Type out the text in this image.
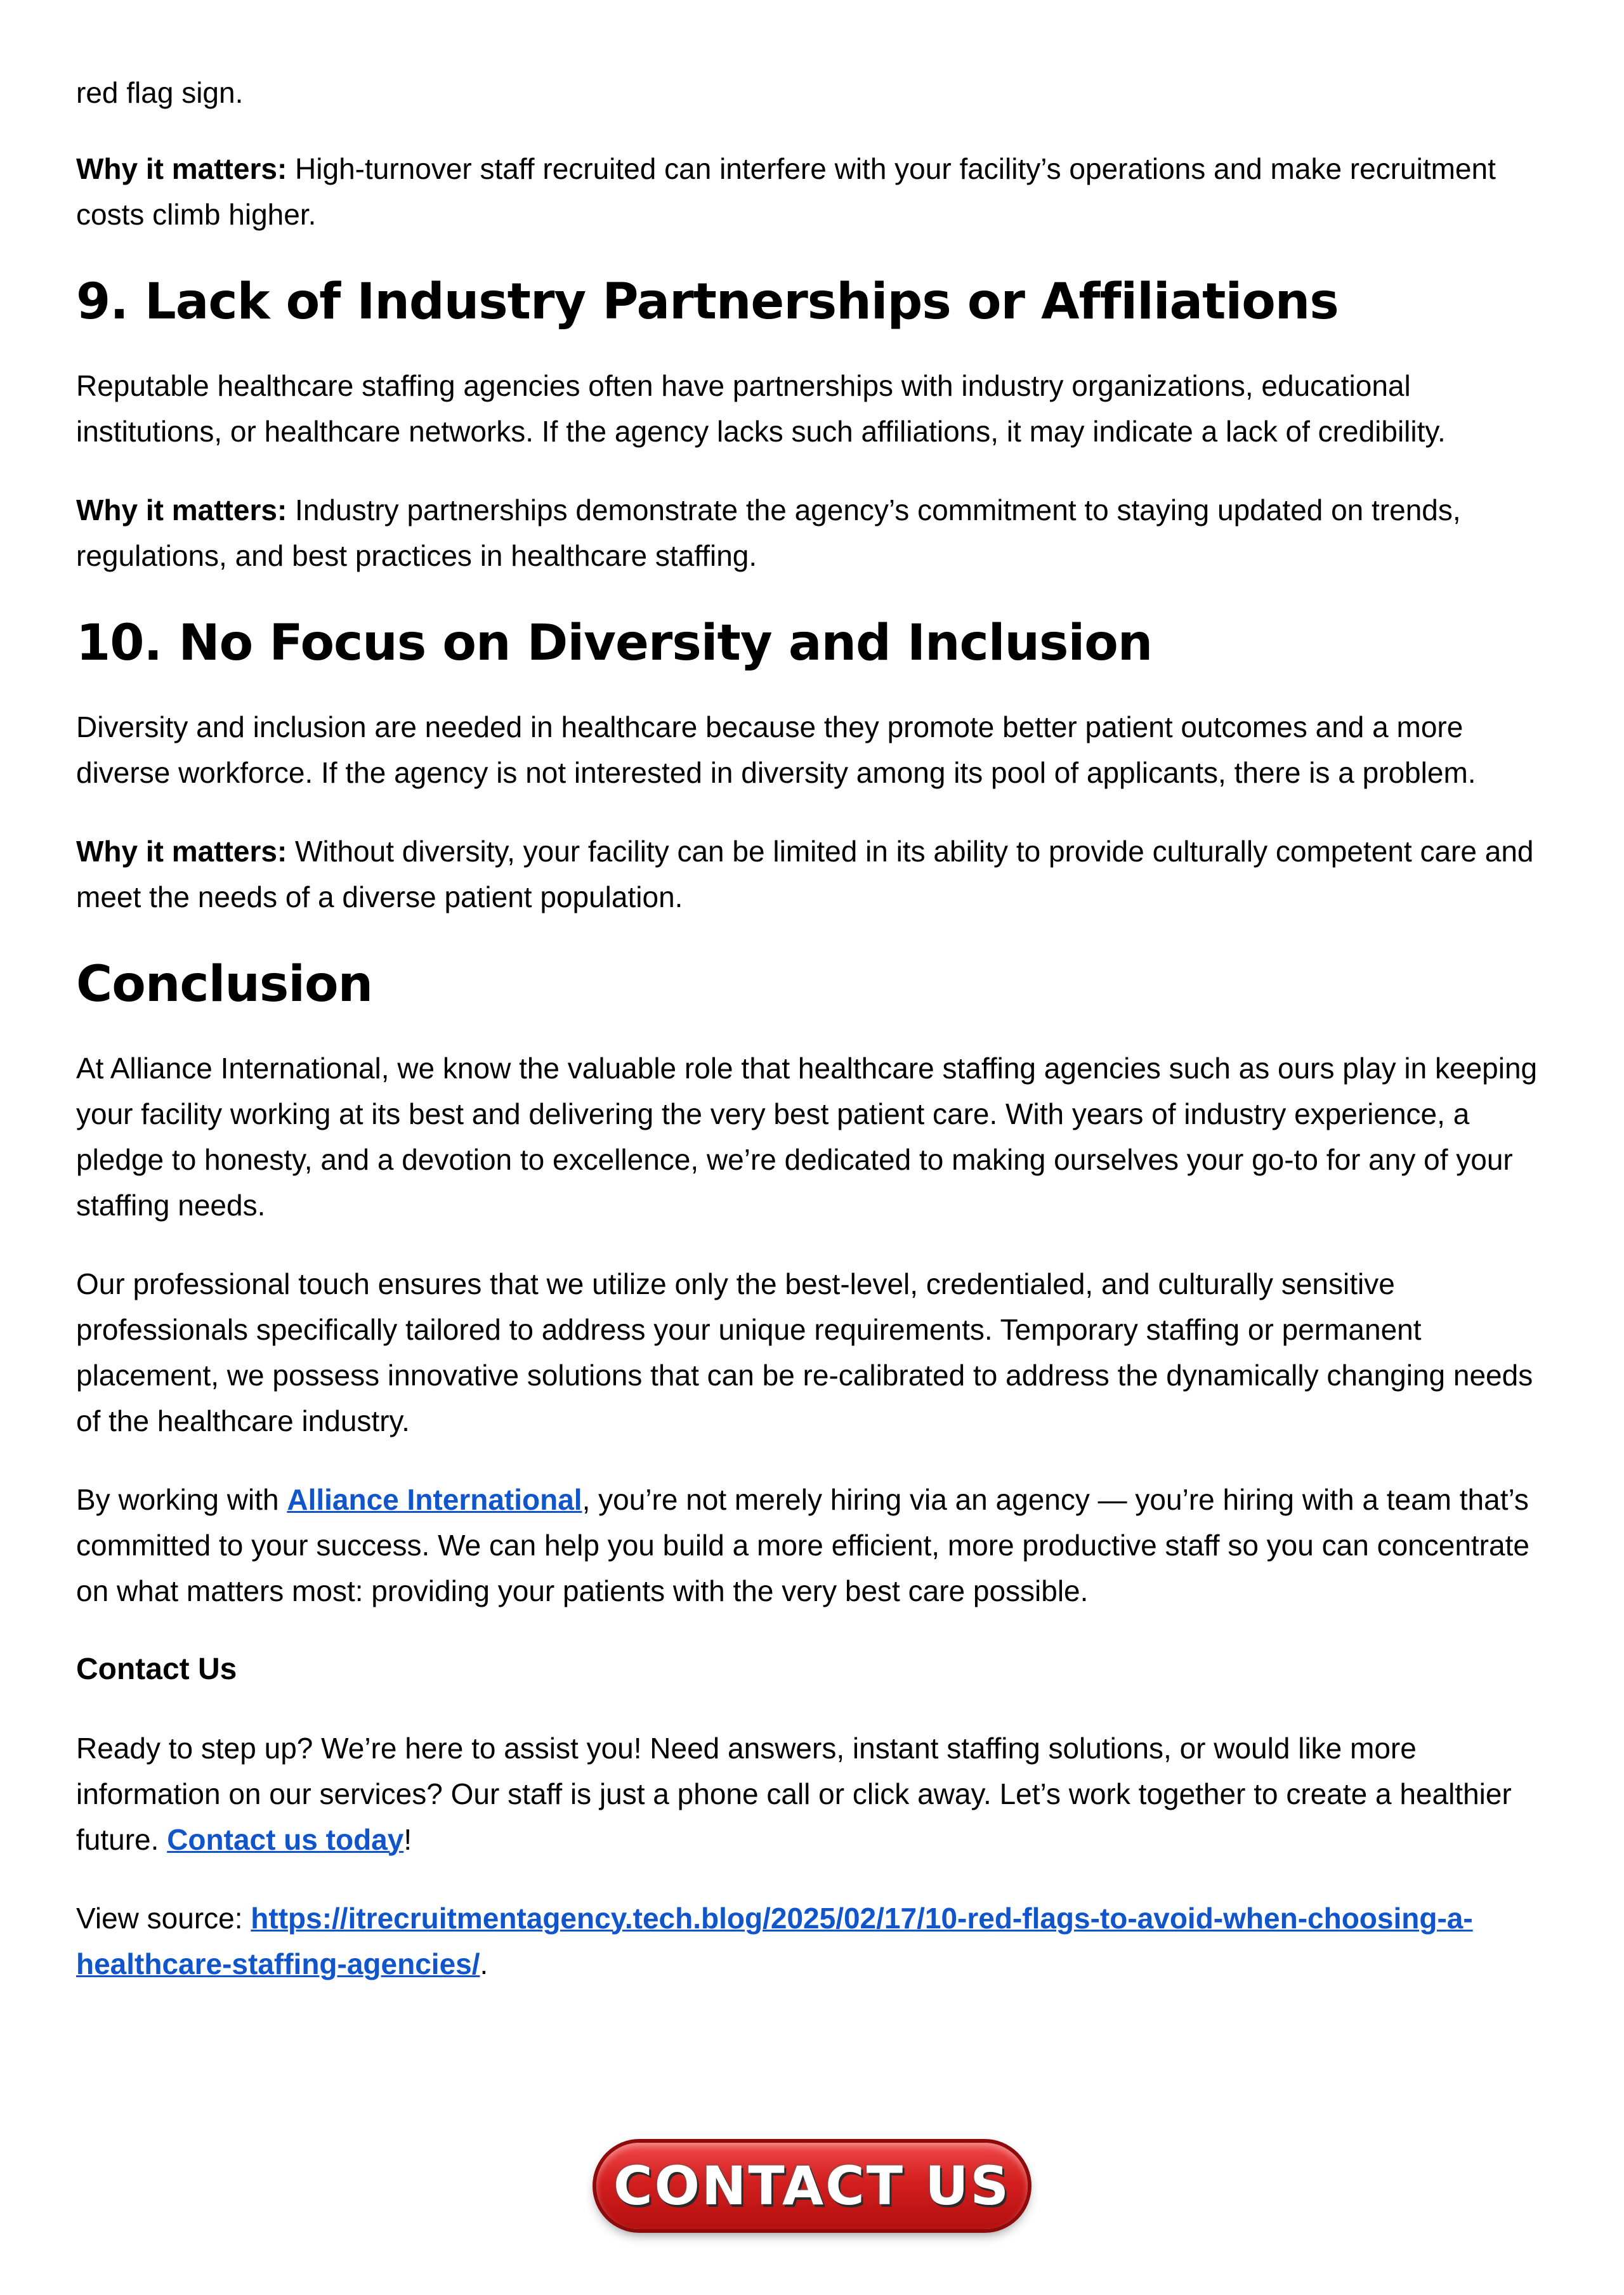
red flag sign.

Why it matters: High-turnover staff recruited can interfere with your facility’s operations and make recruitment costs climb higher.

9. Lack of Industry Partnerships or Affiliations

Reputable healthcare staffing agencies often have partnerships with industry organizations, educational institutions, or healthcare networks. If the agency lacks such affiliations, it may indicate a lack of credibility.

Why it matters: Industry partnerships demonstrate the agency’s commitment to staying updated on trends, regulations, and best practices in healthcare staffing.

10. No Focus on Diversity and Inclusion

Diversity and inclusion are needed in healthcare because they promote better patient outcomes and a more diverse workforce. If the agency is not interested in diversity among its pool of applicants, there is a problem.

Why it matters: Without diversity, your facility can be limited in its ability to provide culturally competent care and meet the needs of a diverse patient population.

Conclusion

At Alliance International, we know the valuable role that healthcare staffing agencies such as ours play in keeping your facility working at its best and delivering the very best patient care. With years of industry experience, a pledge to honesty, and a devotion to excellence, we’re dedicated to making ourselves your go-to for any of your staffing needs.

Our professional touch ensures that we utilize only the best-level, credentialed, and culturally sensitive professionals specifically tailored to address your unique requirements. Temporary staffing or permanent placement, we possess innovative solutions that can be re-calibrated to address the dynamically changing needs of the healthcare industry.

By working with Alliance International, you’re not merely hiring via an agency — you’re hiring with a team that’s committed to your success. We can help you build a more efficient, more productive staff so you can concentrate on what matters most: providing your patients with the very best care possible.

Contact Us

Ready to step up? We’re here to assist you! Need answers, instant staffing solutions, or would like more information on our services? Our staff is just a phone call or click away. Let’s work together to create a healthier future. Contact us today!

View source: https://itrecruitmentagency.tech.blog/2025/02/17/10-red-flags-to-avoid-when-choosing-a-healthcare-staffing-agencies/.

CONTACT US
